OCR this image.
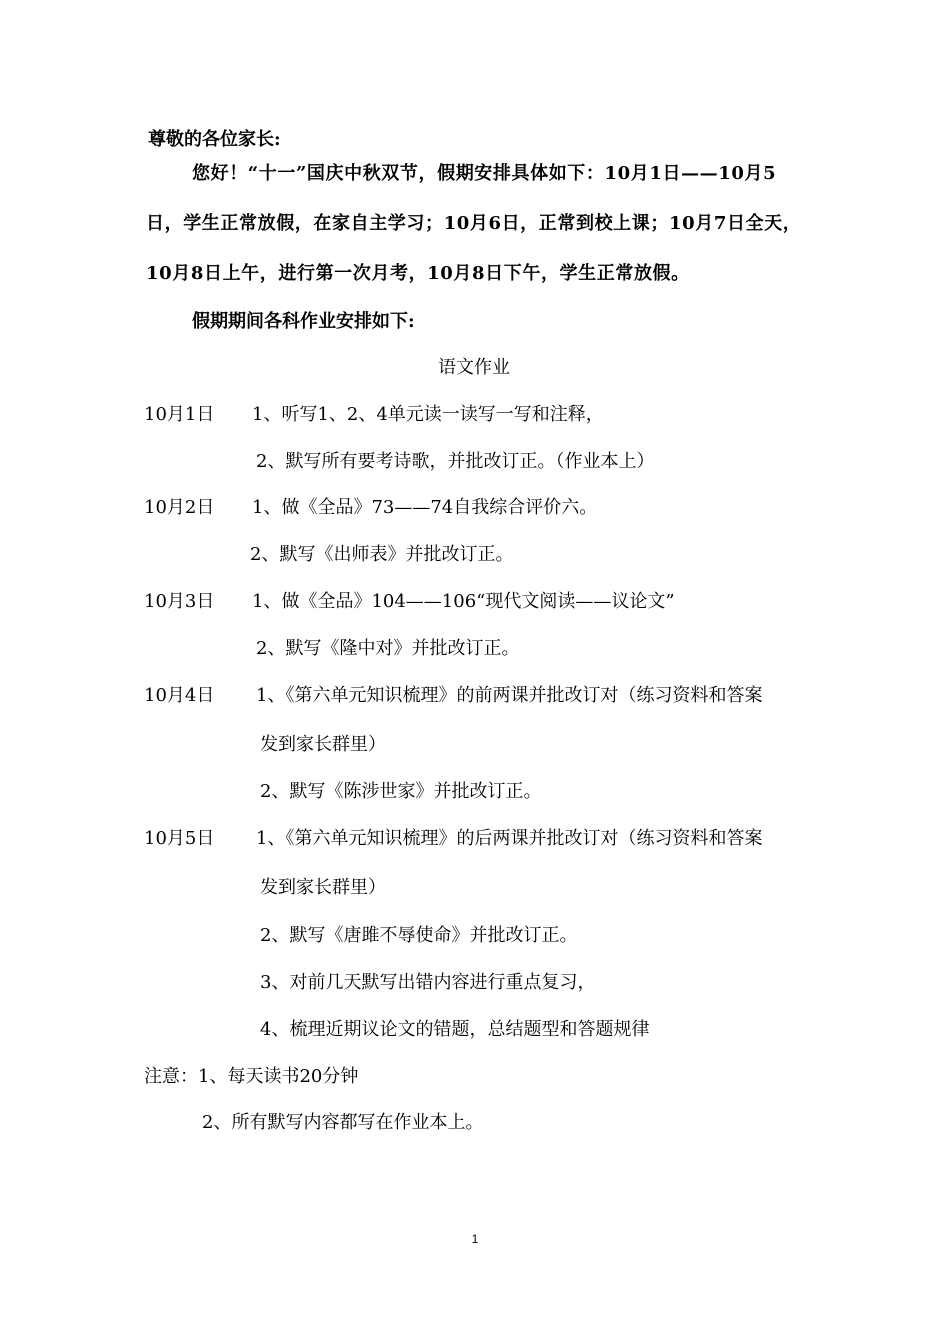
尊敬的各位家长:
您好！“十一”国庆中秋双节，假期安排具体如下：10月1日——10月5
日，学生正常放假，在家自主学习；10月6日，正常到校上课；10月7日全天，
10月8日上午，进行第一次月考，10月8日下午，学生正常放假。
假期期间各科作业安排如下:
语文作业
10月1日 1、听写1、2、4单元读一读写一写和注释，
2、默写所有要考诗歌，并批改订正。（作业本上）
10月2日 1、做《全品》73——74自我综合评价六。
2、默写《出师表》并批改订正。
10月3日 1、做《全品》104——106“现代文阅读——议论文”
2、默写《隆中对》并批改订正。
10月4日 1、《第六单元知识梳理》的前两课并批改订对（练习资料和答案
发到家长群里）
2、默写《陈涉世家》并批改订正。
10月5日 1、《第六单元知识梳理》的后两课并批改订对（练习资料和答案
发到家长群里）
2、默写《唐雎不辱使命》并批改订正。
3、对前几天默写出错内容进行重点复习，
4、梳理近期议论文的错题，总结题型和答题规律
注意：1、每天读书20分钟
2、所有默写内容都写在作业本上。
1
